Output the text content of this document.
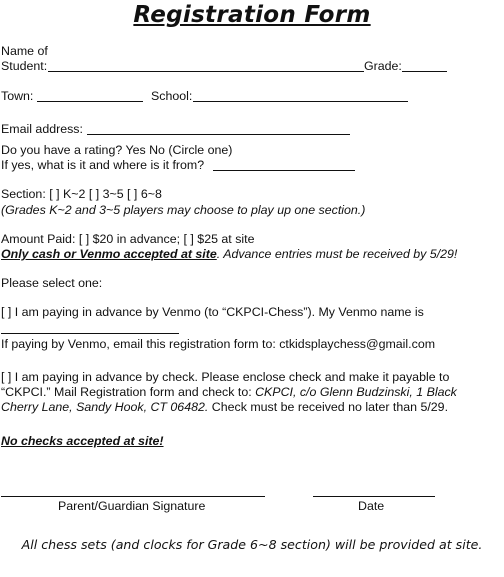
Registration Form
Name of
Student:	Grade:
Town:	School:
Email address:
Do you have a rating? Yes No (Circle one)
If yes, what is it and where is it from?
Section: [ ] K~2 [ ] 3~5 [ ] 6~8
(Grades K~2 and 3~5 players may choose to play up one section.)
Amount Paid: [ ] $20 in advance; [ ] $25 at site
Only cash or Venmo accepted at site. Advance entries must be received by 5/29!
Please select one:
[ ] I am paying in advance by Venmo (to “CKPCI-Chess”). My Venmo name is
If paying by Venmo, email this registration form to: ctkidsplaychess@gmail.com
[ ] I am paying in advance by check. Please enclose check and make it payable to
“CKPCI.” Mail Registration form and check to: CKPCI, c/o Glenn Budzinski, 1 Black
Cherry Lane, Sandy Hook, CT 06482. Check must be received no later than 5/29.
No checks accepted at site!
Parent/Guardian Signature	Date
All chess sets (and clocks for Grade 6~8 section) will be provided at site.
